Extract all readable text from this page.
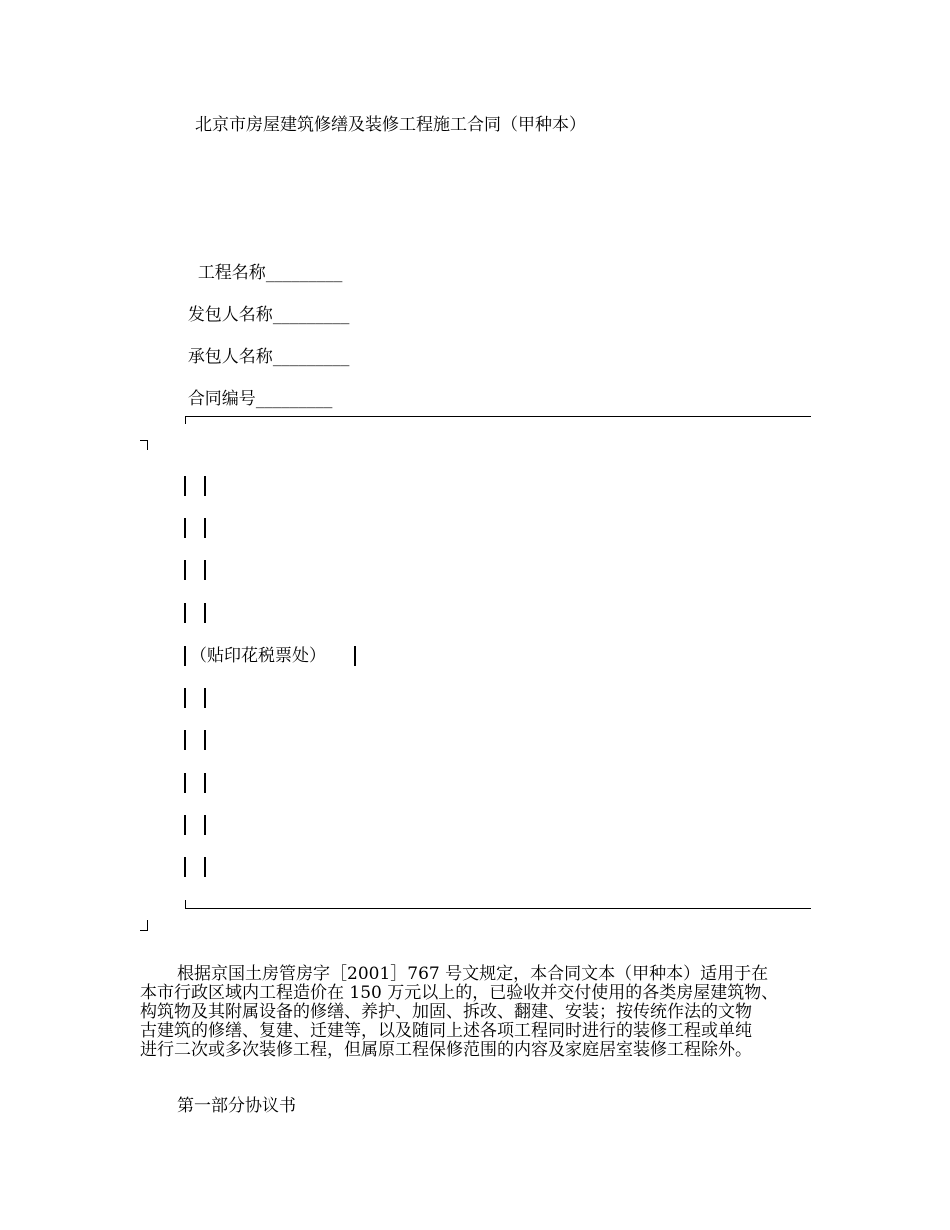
北京市房屋建筑修缮及装修工程施工合同（甲种本）

工程名称_________

发包人名称_________

承包人名称_________

合同编号_________

（贴印花税票处）
根据京国土房管房字［2001］767 号文规定，本合同文本（甲种本）适用于在
本市行政区域内工程造价在 150 万元以上的，已验收并交付使用的各类房屋建筑物、
构筑物及其附属设备的修缮、养护、加固、拆改、翻建、安装；按传统作法的文物
古建筑的修缮、复建、迁建等，以及随同上述各项工程同时进行的装修工程或单纯
进行二次或多次装修工程，但属原工程保修范围的内容及家庭居室装修工程除外。
第一部分协议书
